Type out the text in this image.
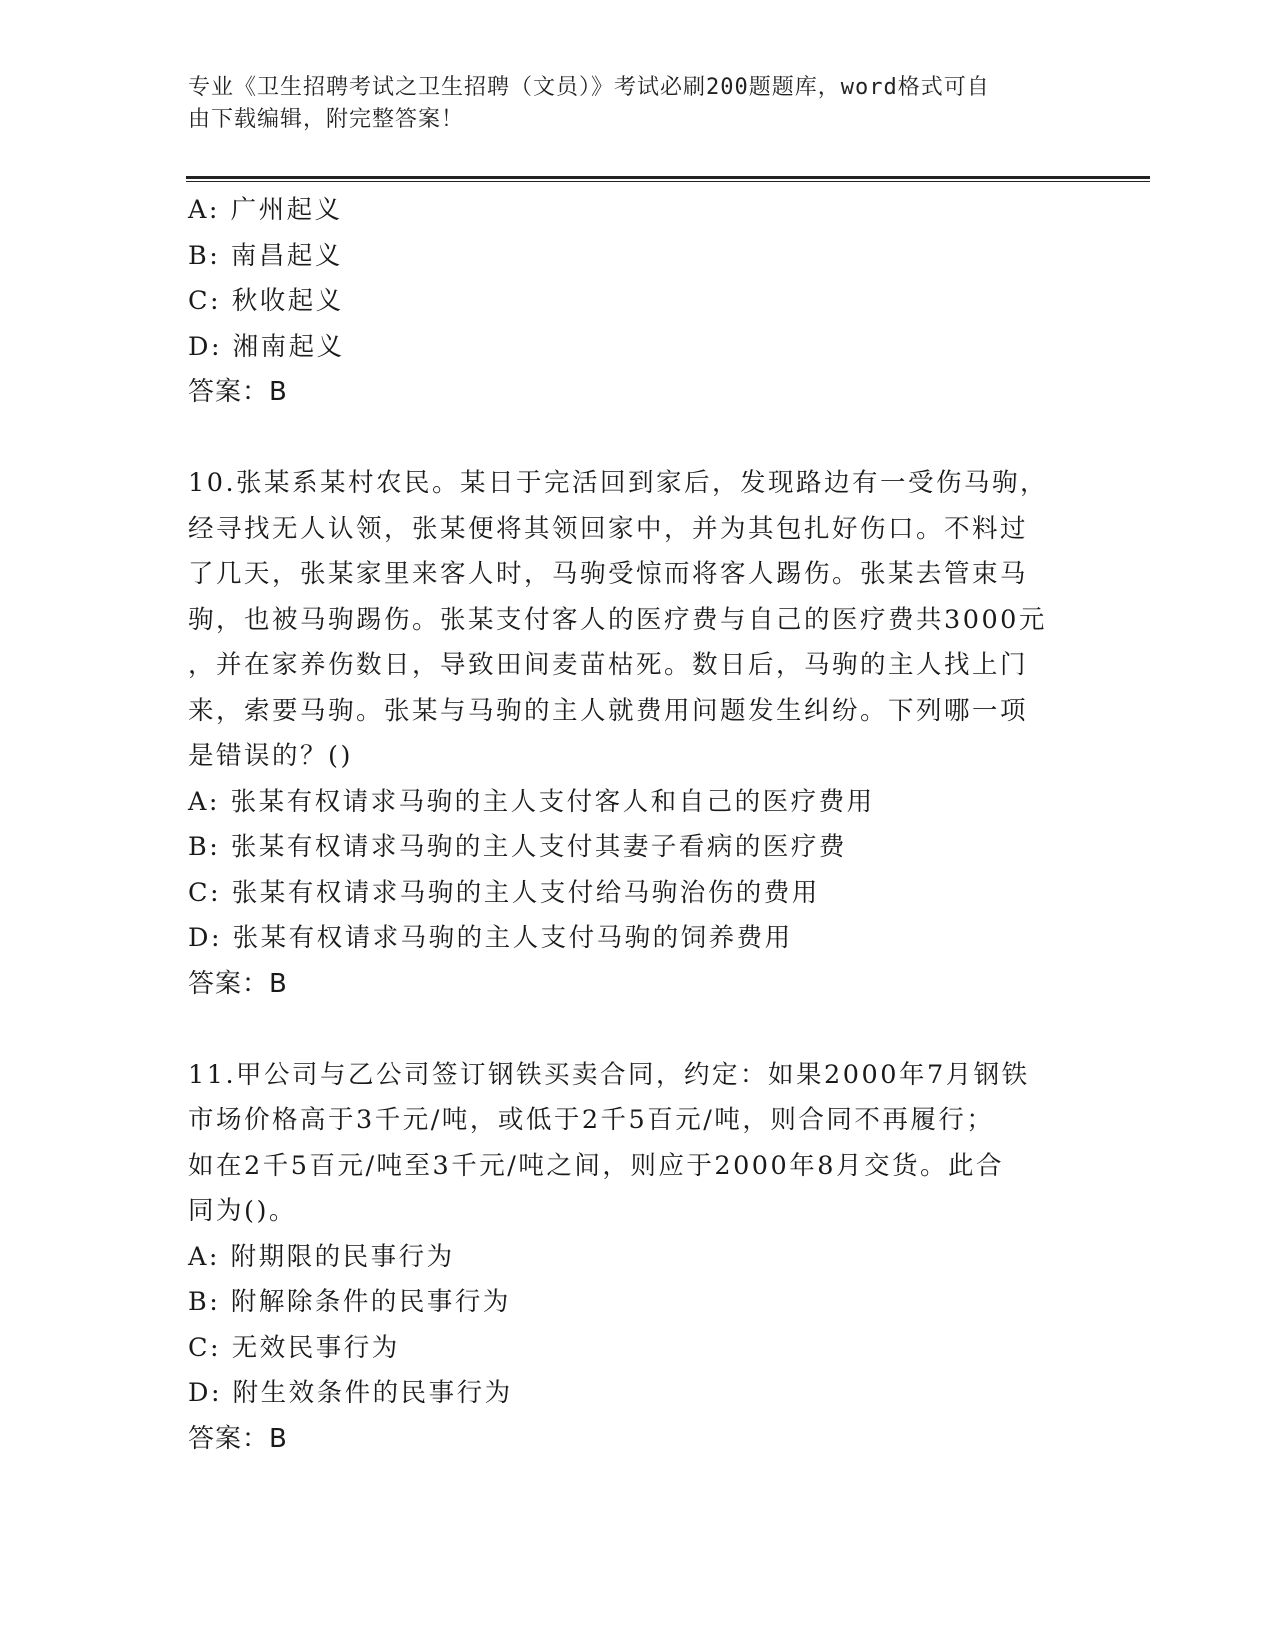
专业《卫生招聘考试之卫生招聘（文员）》考试必刷200题题库，word格式可自
由下载编辑，附完整答案！
A: 广州起义
B: 南昌起义
C: 秋收起义
D: 湘南起义
答案：B
10.张某系某村农民。某日于完活回到家后，发现路边有一受伤马驹，
经寻找无人认领，张某便将其领回家中，并为其包扎好伤口。不料过
了几天，张某家里来客人时，马驹受惊而将客人踢伤。张某去管束马
驹，也被马驹踢伤。张某支付客人的医疗费与自己的医疗费共3000元
，并在家养伤数日，导致田间麦苗枯死。数日后，马驹的主人找上门
来，索要马驹。张某与马驹的主人就费用问题发生纠纷。下列哪一项
是错误的？()
A: 张某有权请求马驹的主人支付客人和自己的医疗费用
B: 张某有权请求马驹的主人支付其妻子看病的医疗费
C: 张某有权请求马驹的主人支付给马驹治伤的费用
D: 张某有权请求马驹的主人支付马驹的饲养费用
答案：B
11.甲公司与乙公司签订钢铁买卖合同，约定：如果2000年7月钢铁
市场价格高于3千元/吨，或低于2千5百元/吨，则合同不再履行；
如在2千5百元/吨至3千元/吨之间，则应于2000年8月交货。此合
同为()。
A: 附期限的民事行为
B: 附解除条件的民事行为
C: 无效民事行为
D: 附生效条件的民事行为
答案：B
